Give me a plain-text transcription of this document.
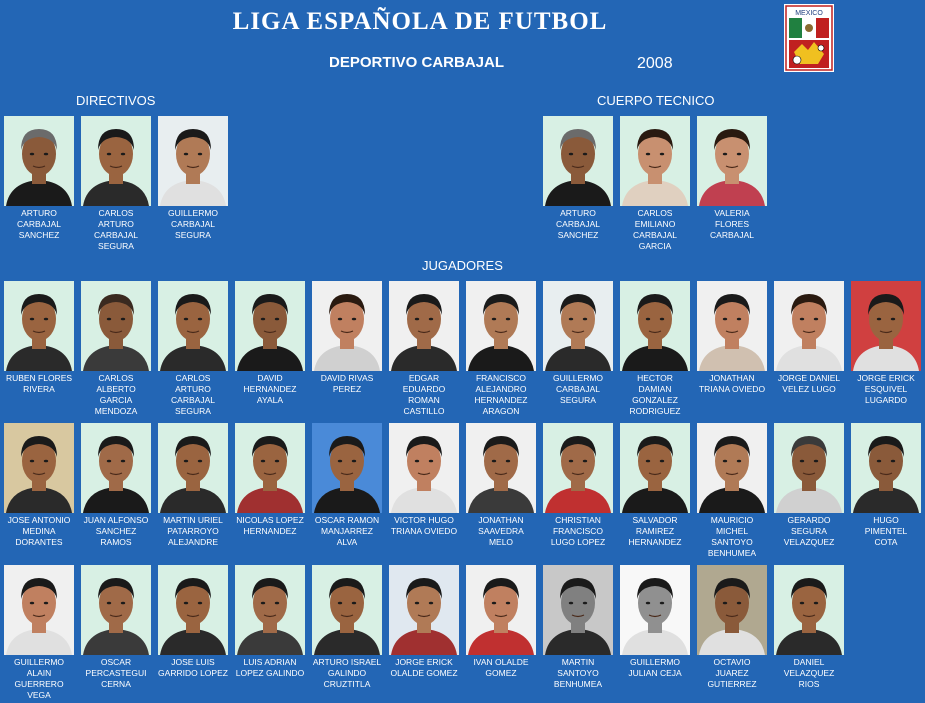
LIGA ESPAÑOLA DE FUTBOL
DEPORTIVO CARBAJAL	2008
MEXICO
DIRECTIVOS	CUERPO TECNICO
JUGADORES
ARTURO
CARBAJAL
SANCHEZ
CARLOS
ARTURO
CARBAJAL
SEGURA
GUILLERMO
CARBAJAL
SEGURA
ARTURO
CARBAJAL
SANCHEZ
CARLOS
EMILIANO
CARBAJAL
GARCIA
VALERIA
FLORES
CARBAJAL
RUBEN FLORES
RIVERA
CARLOS
ALBERTO
GARCIA
MENDOZA
CARLOS
ARTURO
CARBAJAL
SEGURA
DAVID
HERNANDEZ
AYALA
DAVID RIVAS
PEREZ
EDGAR
EDUARDO
ROMAN
CASTILLO
FRANCISCO
ALEJANDRO
HERNANDEZ
ARAGON
GUILLERMO
CARBAJAL
SEGURA
HECTOR
DAMIAN
GONZALEZ
RODRIGUEZ
JONATHAN
TRIANA OVIEDO
JORGE DANIEL
VELEZ LUGO
JORGE ERICK
ESQUIVEL
LUGARDO
JOSE ANTONIO
MEDINA
DORANTES
JUAN ALFONSO
SANCHEZ
RAMOS
MARTIN URIEL
PATARROYO
ALEJANDRE
NICOLAS LOPEZ
HERNANDEZ
OSCAR RAMON
MANJARREZ
ALVA
VICTOR HUGO
TRIANA OVIEDO
JONATHAN
SAAVEDRA
MELO
CHRISTIAN
FRANCISCO
LUGO LOPEZ
SALVADOR
RAMIREZ
HERNANDEZ
MAURICIO
MICHEL
SANTOYO
BENHUMEA
GERARDO
SEGURA
VELAZQUEZ
HUGO PIMENTEL
COTA
GUILLERMO
ALAIN
GUERRERO
VEGA
OSCAR
PERCASTEGUI
CERNA
JOSE LUIS
GARRIDO LOPEZ
LUIS ADRIAN
LOPEZ GALINDO
ARTURO ISRAEL
GALINDO
CRUZTITLA
JORGE ERICK
OLALDE GOMEZ
IVAN OLALDE
GOMEZ
MARTIN
SANTOYO
BENHUMEA
GUILLERMO
JULIAN CEJA
OCTAVIO
JUAREZ
GUTIERREZ
DANIEL
VELAZQUEZ
RIOS
